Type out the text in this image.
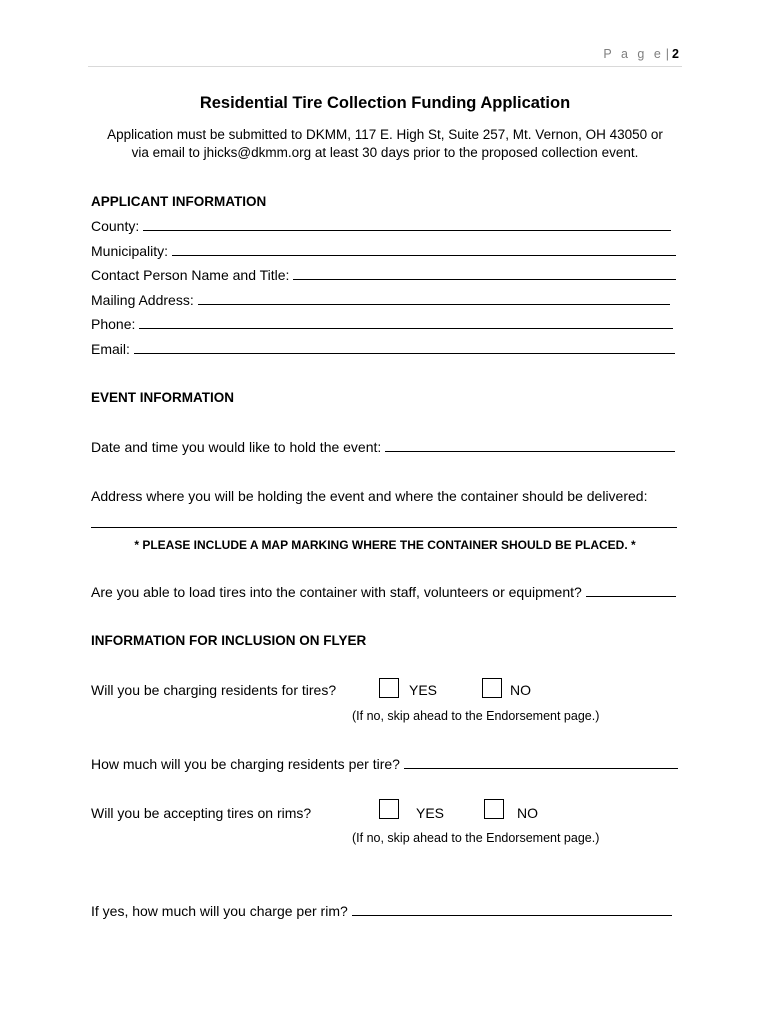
P a g e | 2
Residential Tire Collection Funding Application
Application must be submitted to DKMM, 117 E. High St, Suite 257, Mt. Vernon, OH 43050 or
via email to jhicks@dkmm.org at least 30 days prior to the proposed collection event.
APPLICANT INFORMATION
County:
Municipality:
Contact Person Name and Title:
Mailing Address:
Phone:
Email:
EVENT INFORMATION
Date and time you would like to hold the event:
Address where you will be holding the event and where the container should be delivered:
* PLEASE INCLUDE A MAP MARKING WHERE THE CONTAINER SHOULD BE PLACED. *
Are you able to load tires into the container with staff, volunteers or equipment?
INFORMATION FOR INCLUSION ON FLYER
Will you be charging residents for tires?	YES	NO
(If no, skip ahead to the Endorsement page.)
How much will you be charging residents per tire?
Will you be accepting tires on rims?	YES	NO
(If no, skip ahead to the Endorsement page.)
If yes, how much will you charge per rim?
